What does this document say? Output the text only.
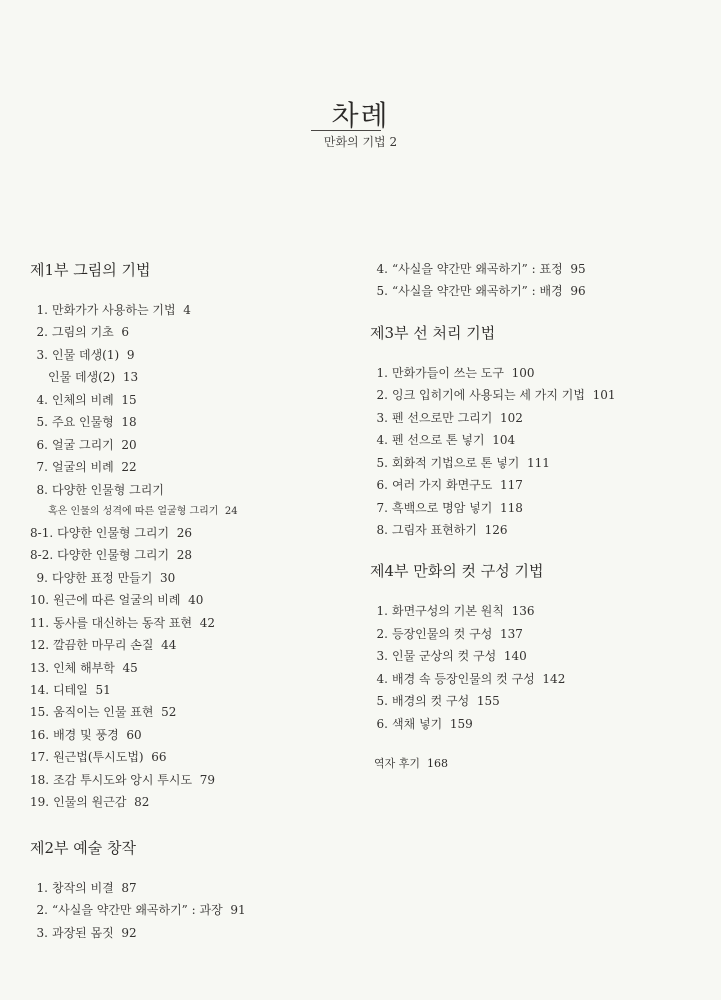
차례
만화의 기법 2
제1부 그림의 기법
1. 만화가가 사용하는 기법 4
2. 그림의 기초 6
3. 인물 데생(1) 9
인물 데생(2) 13
4. 인체의 비례 15
5. 주요 인물형 18
6. 얼굴 그리기 20
7. 얼굴의 비례 22
8. 다양한 인물형 그리기
혹은 인물의 성격에 따른 얼굴형 그리기 24
8-1. 다양한 인물형 그리기 26
8-2. 다양한 인물형 그리기 28
9. 다양한 표정 만들기 30
10. 원근에 따른 얼굴의 비례 40
11. 동사를 대신하는 동작 표현 42
12. 깔끔한 마무리 손질 44
13. 인체 해부학 45
14. 디테일 51
15. 움직이는 인물 표현 52
16. 배경 및 풍경 60
17. 원근법(투시도법) 66
18. 조감 투시도와 앙시 투시도 79
19. 인물의 원근감 82
제2부 예술 창작
1. 창작의 비결 87
2. “사실을 약간만 왜곡하기” : 과장 91
3. 과장된 몸짓 92
4. “사실을 약간만 왜곡하기” : 표정 95
5. “사실을 약간만 왜곡하기” : 배경 96
제3부 선 처리 기법
1. 만화가들이 쓰는 도구 100
2. 잉크 입히기에 사용되는 세 가지 기법 101
3. 펜 선으로만 그리기 102
4. 펜 선으로 톤 넣기 104
5. 회화적 기법으로 톤 넣기 111
6. 여러 가지 화면구도 117
7. 흑백으로 명암 넣기 118
8. 그림자 표현하기 126
제4부 만화의 컷 구성 기법
1. 화면구성의 기본 원칙 136
2. 등장인물의 컷 구성 137
3. 인물 군상의 컷 구성 140
4. 배경 속 등장인물의 컷 구성 142
5. 배경의 컷 구성 155
6. 색채 넣기 159
역자 후기 168
